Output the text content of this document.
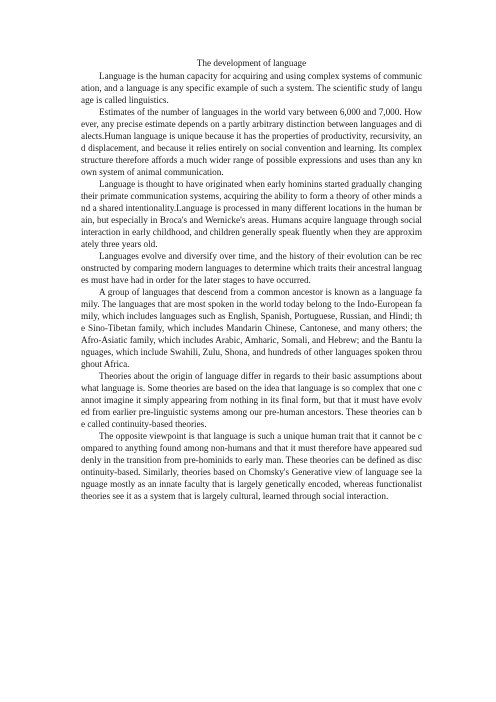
The development of language

Language is the human capacity for acquiring and using complex systems of communication, and a language is any specific example of such a system. The scientific study of language is called linguistics.

Estimates of the number of languages in the world vary between 6,000 and 7,000. However, any precise estimate depends on a partly arbitrary distinction between languages and dialects.Human language is unique because it has the properties of productivity, recursivity, and displacement, and because it relies entirely on social convention and learning. Its complex structure therefore affords a much wider range of possible expressions and uses than any known system of animal communication.

Language is thought to have originated when early hominins started gradually changing their primate communication systems, acquiring the ability to form a theory of other minds and a shared intentionality.Language is processed in many different locations in the human brain, but especially in Broca's and Wernicke's areas. Humans acquire language through social interaction in early childhood, and children generally speak fluently when they are approximately three years old.

Languages evolve and diversify over time, and the history of their evolution can be reconstructed by comparing modern languages to determine which traits their ancestral languages must have had in order for the later stages to have occurred.

A group of languages that descend from a common ancestor is known as a language family. The languages that are most spoken in the world today belong to the Indo-European family, which includes languages such as English, Spanish, Portuguese, Russian, and Hindi; the Sino-Tibetan family, which includes Mandarin Chinese, Cantonese, and many others; the Afro-Asiatic family, which includes Arabic, Amharic, Somali, and Hebrew; and the Bantu languages, which include Swahili, Zulu, Shona, and hundreds of other languages spoken throughout Africa.

Theories about the origin of language differ in regards to their basic assumptions about what language is. Some theories are based on the idea that language is so complex that one cannot imagine it simply appearing from nothing in its final form, but that it must have evolved from earlier pre-linguistic systems among our pre-human ancestors. These theories can be called continuity-based theories.

The opposite viewpoint is that language is such a unique human trait that it cannot be compared to anything found among non-humans and that it must therefore have appeared suddenly in the transition from pre-hominids to early man. These theories can be defined as discontinuity-based. Similarly, theories based on Chomsky's Generative view of language see language mostly as an innate faculty that is largely genetically encoded, whereas functionalist theories see it as a system that is largely cultural, learned through social interaction.
